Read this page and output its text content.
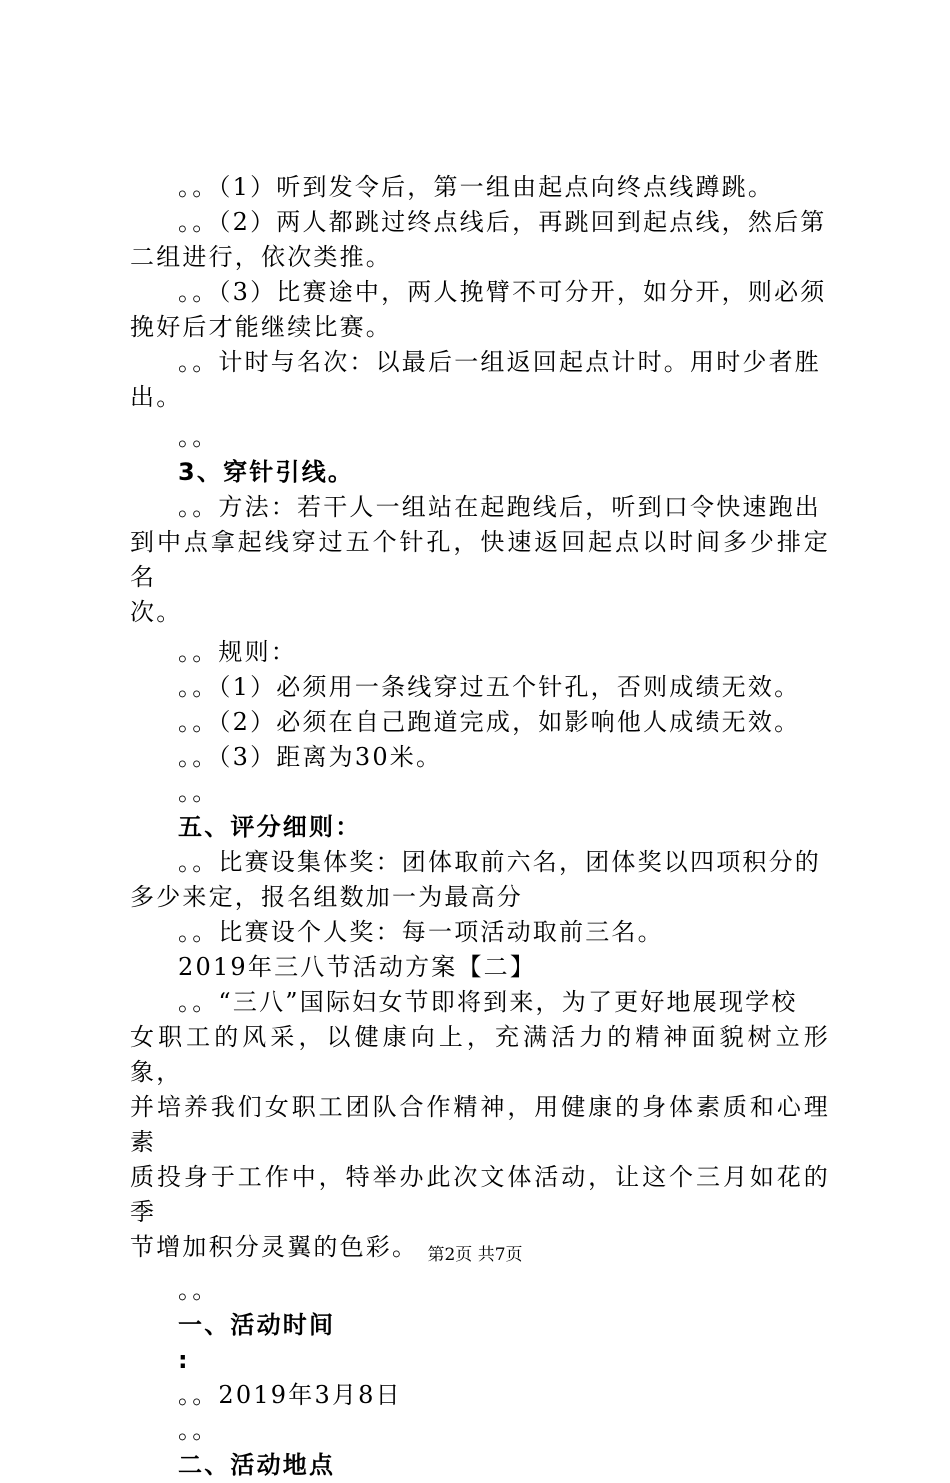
。。（1）听到发令后，第一组由起点向终点线蹲跳。

。。（2）两人都跳过终点线后，再跳回到起点线，然后第

二组进行，依次类推。

。。（3）比赛途中，两人挽臂不可分开，如分开，则必须

挽好后才能继续比赛。

。。计时与名次：以最后一组返回起点计时。用时少者胜

出。

。。

3、穿针引线。

。。方法：若干人一组站在起跑线后，听到口令快速跑出

到中点拿起线穿过五个针孔，快速返回起点以时间多少排定名

次。

。。规则：

。。（1）必须用一条线穿过五个针孔，否则成绩无效。

。。（2）必须在自己跑道完成，如影响他人成绩无效。

。。（3）距离为30米。

。。

五、评分细则：

。。比赛设集体奖：团体取前六名，团体奖以四项积分的

多少来定，报名组数加一为最高分

。。比赛设个人奖：每一项活动取前三名。

2019年三八节活动方案【二】

。。“三八”国际妇女节即将到来，为了更好地展现学校

女职工的风采，以健康向上，充满活力的精神面貌树立形象，

并培养我们女职工团队合作精神，用健康的身体素质和心理素

质投身于工作中，特举办此次文体活动，让这个三月如花的季

节增加积分灵翼的色彩。

。。

一、活动时间

:

。。2019年3月8日

。。

二、活动地点

第2页 共7页
